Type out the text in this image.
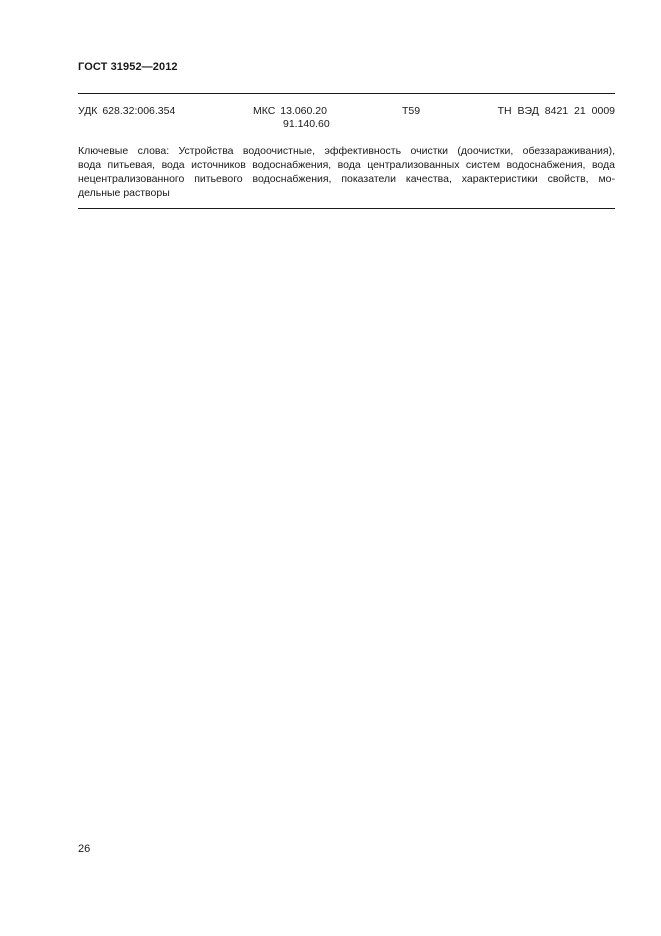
ГОСТ 31952—2012
УДК 628.32:006.354	МКС 13.060.20
91.140.60
Т59	ТН ВЭД 8421 21 0009
Ключевые слова: Устройства водоочистные, эффективность очистки (доочистки, обеззараживания),
вода питьевая, вода источников водоснабжения, вода централизованных систем водоснабжения, вода
нецентрализованного питьевого водоснабжения, показатели качества, характеристики свойств, мо-
дельные растворы
26
